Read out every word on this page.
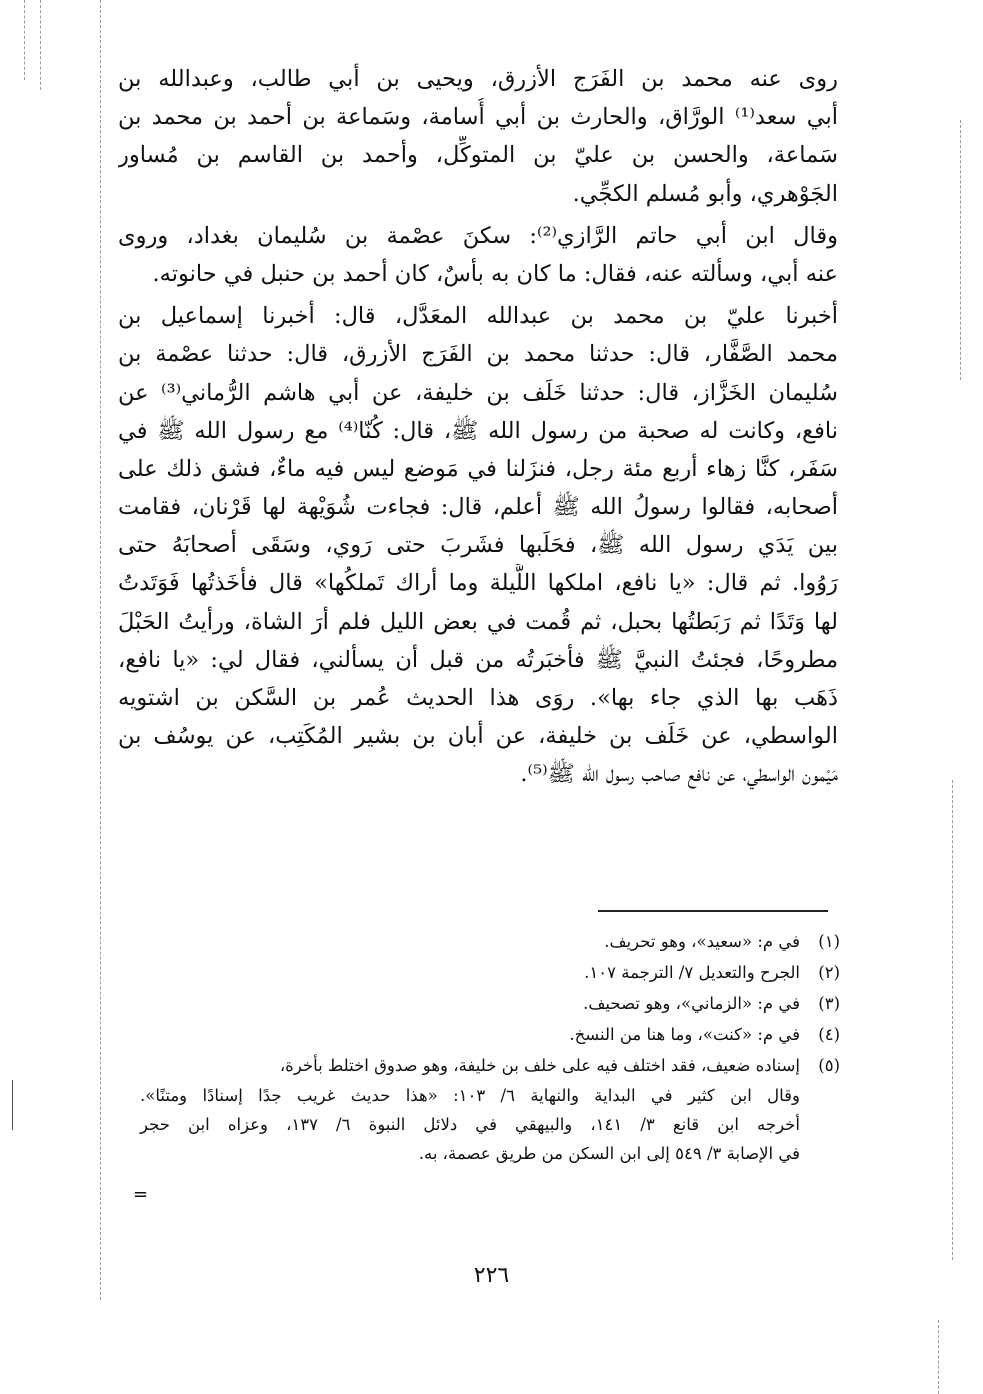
روى عنه محمد بن الفَرَج الأزرق، ويحيى بن أبي طالب، وعبدالله بن
أبي سعد⁽¹⁾ الورَّاق، والحارث بن أبي أُسامة، وسَماعة بن أحمد بن محمد بن
سَماعة، والحسن بن عليّ بن المتوكِّل، وأحمد بن القاسم بن مُساور
الجَوْهري، وأبو مُسلم الكجِّي.
وقال ابن أبي حاتم الرَّازي⁽²⁾: سكنَ عصْمة بن سُليمان بغداد، وروى
عنه أبي، وسألته عنه، فقال: ما كان به بأسٌ، كان أحمد بن حنبل في حانوته.
أخبرنا عليّ بن محمد بن عبدالله المعَدَّل، قال: أخبرنا إسماعيل بن
محمد الصَّفَّار، قال: حدثنا محمد بن الفَرَج الأزرق، قال: حدثنا عصْمة بن
سُليمان الخَزَّاز، قال: حدثنا خَلَف بن خليفة، عن أبي هاشم الرُّماني⁽³⁾ عن
نافع، وكانت له صحبة من رسول الله ﷺ، قال: كُنّا⁽⁴⁾ مع رسول الله ﷺ في
سَفَر، كنَّا زهاء أربع مئة رجل، فنزَلنا في مَوضع ليس فيه ماءٌ، فشق ذلك على
أصحابه، فقالوا رسولُ الله ﷺ أعلم، قال: فجاءت شُوَيْهة لها قَرْنان، فقامت
بين يَدَي رسول الله ﷺ، فحَلَبها فشَربَ حتى رَوي، وسَقَى أصحابَهُ حتى
رَوُوا. ثم قال: «يا نافع، املكها اللَّيلة وما أراك تَملكُها» قال فأخَذتُها فَوَتَدتُ
لها وَتَدًا ثم رَبَطتُها بحبل، ثم قُمت في بعض الليل فلم أرَ الشاة، ورأيتُ الحَبْلَ
مطروحًا، فجئتُ النبيَّ ﷺ فأخبَرتُه من قبل أن يسألني، فقال لي: «يا نافع،
ذَهَب بها الذي جاء بها». روَى هذا الحديث عُمر بن السَّكن بن اشتويه
الواسطي، عن خَلَف بن خليفة، عن أبان بن بشير المُكَتِب، عن يوسُف بن
مَيْمون الواسطي، عن نافع صاحب رسول الله ﷺ⁽⁵⁾.
(١)
في م: «سعيد»، وهو تحريف.
(٢)
الجرح والتعديل ٧/ الترجمة ١٠٧.
(٣)
في م: «الزماني»، وهو تصحيف.
(٤)
في م: «كنت»، وما هنا من النسخ.
(٥)
إسناده ضعيف، فقد اختلف فيه على خلف بن خليفة، وهو صدوق اختلط بأخرة،
وقال ابن كثير في البداية والنهاية ٦/ ١٠٣: «هذا حديث غريب جدًا إسنادًا ومتنًا».
أخرجه ابن قانع ٣/ ١٤١، والبيهقي في دلائل النبوة ٦/ ١٣٧، وعزاه ابن حجر
في الإصابة ٣/ ٥٤٩ إلى ابن السكن من طريق عصمة، به.
=
٢٢٦
